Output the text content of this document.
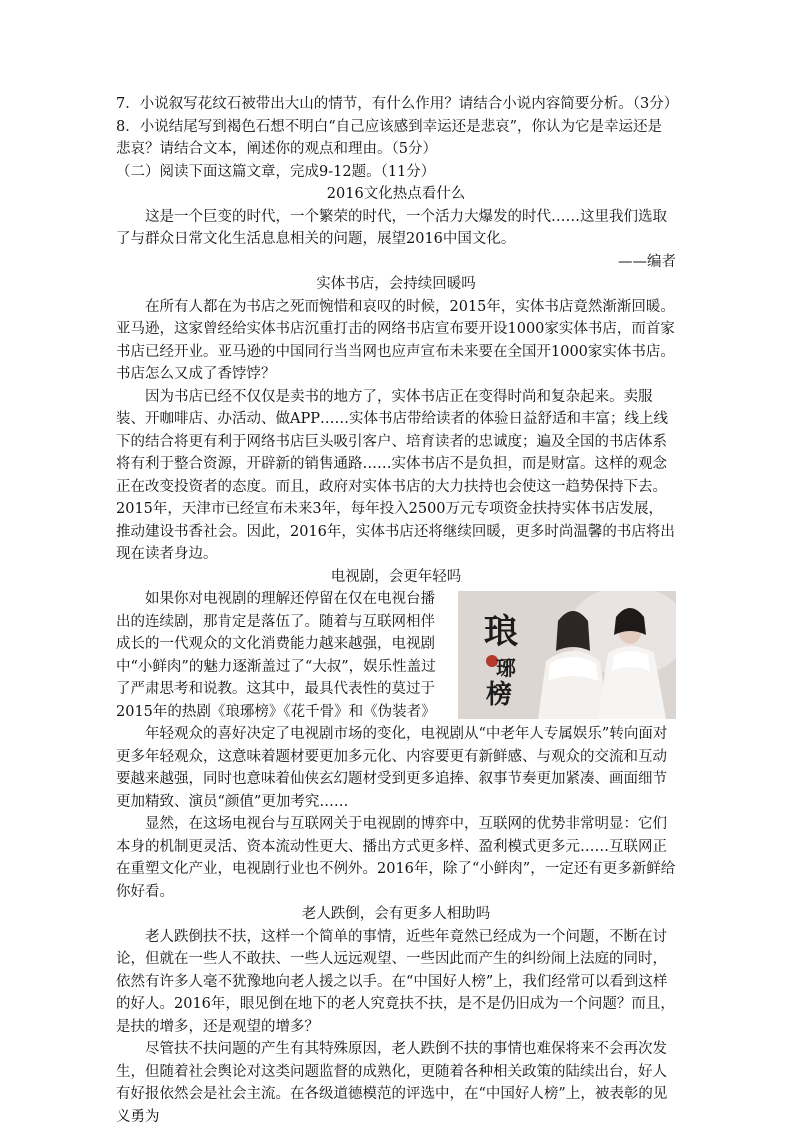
7．小说叙写花纹石被带出大山的情节，有什么作用？请结合小说内容简要分析。（3分）

8．小说结尾写到褐色石想不明白“自己应该感到幸运还是悲哀”，你认为它是幸运还是悲哀？请结合文本，阐述你的观点和理由。（5分）

（二）阅读下面这篇文章，完成9-12题。（11分）

2016文化热点看什么

这是一个巨变的时代，一个繁荣的时代，一个活力大爆发的时代……这里我们选取了与群众日常文化生活息息相关的问题，展望2016中国文化。

——编者

实体书店，会持续回暖吗

在所有人都在为书店之死而惋惜和哀叹的时候，2015年，实体书店竟然渐渐回暖。亚马逊，这家曾经给实体书店沉重打击的网络书店宣布要开设1000家实体书店，而首家书店已经开业。亚马逊的中国同行当当网也应声宣布未来要在全国开1000家实体书店。书店怎么又成了香饽饽？

因为书店已经不仅仅是卖书的地方了，实体书店正在变得时尚和复杂起来。卖服装、开咖啡店、办活动、做APP……实体书店带给读者的体验日益舒适和丰富；线上线下的结合将更有利于网络书店巨头吸引客户、培育读者的忠诚度；遍及全国的书店体系将有利于整合资源，开辟新的销售通路……实体书店不是负担，而是财富。这样的观念正在改变投资者的态度。而且，政府对实体书店的大力扶持也会使这一趋势保持下去。2015年，天津市已经宣布未来3年，每年投入2500万元专项资金扶持实体书店发展，推动建设书香社会。因此，2016年，实体书店还将继续回暖，更多时尚温馨的书店将出现在读者身边。

电视剧，会更年轻吗

琅
琊
榜

如果你对电视剧的理解还停留在仅在电视台播出的连续剧，那肯定是落伍了。随着与互联网相伴成长的一代观众的文化消费能力越来越强，电视剧中“小鲜肉”的魅力逐渐盖过了“大叔”，娱乐性盖过了严肃思考和说教。这其中，最具代表性的莫过于2015年的热剧《琅琊榜》《花千骨》和《伪装者》

年轻观众的喜好决定了电视剧市场的变化，电视剧从“中老年人专属娱乐”转向面对更多年轻观众，这意味着题材要更加多元化、内容要更有新鲜感、与观众的交流和互动要越来越强，同时也意味着仙侠玄幻题材受到更多追捧、叙事节奏更加紧凑、画面细节更加精致、演员“颜值”更加考究……

显然，在这场电视台与互联网关于电视剧的博弈中，互联网的优势非常明显：它们本身的机制更灵活、资本流动性更大、播出方式更多样、盈利模式更多元……互联网正在重塑文化产业，电视剧行业也不例外。2016年，除了“小鲜肉”，一定还有更多新鲜给你好看。

老人跌倒，会有更多人相助吗

老人跌倒扶不扶，这样一个简单的事情，近些年竟然已经成为一个问题，不断在讨论，但就在一些人不敢扶、一些人远远观望、一些因此而产生的纠纷闹上法庭的同时，依然有许多人毫不犹豫地向老人援之以手。在“中国好人榜”上，我们经常可以看到这样的好人。2016年，眼见倒在地下的老人究竟扶不扶，是不是仍旧成为一个问题？而且，是扶的增多，还是观望的增多？

尽管扶不扶问题的产生有其特殊原因，老人跌倒不扶的事情也难保将来不会再次发生，但随着社会舆论对这类问题监督的成熟化，更随着各种相关政策的陆续出台，好人有好报依然会是社会主流。在各级道德模范的评选中，在“中国好人榜”上，被表彰的见义勇为
